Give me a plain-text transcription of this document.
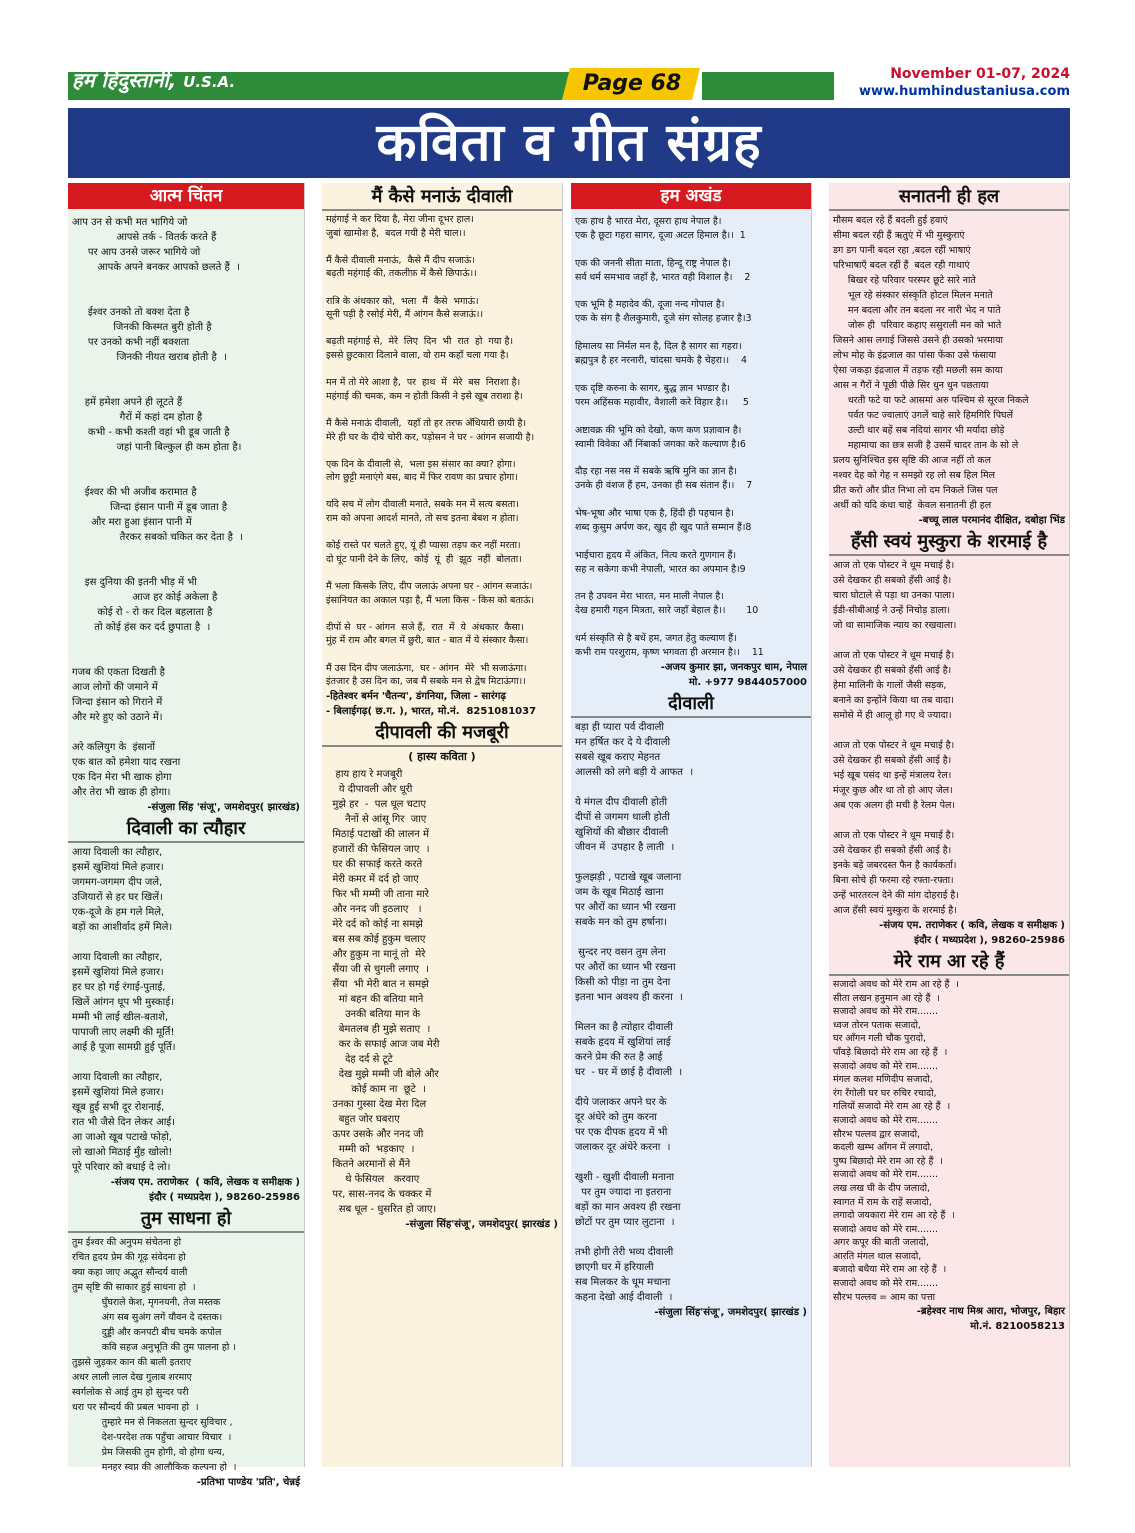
हम हिंदुस्तानी, U.S.A.	Page 68	November 01-07, 2024
www.humhindustaniusa.com
कविता व गीत संग्रह
आत्म चिंतन
आप उन से कभी मत भागिये जो
आपसे तर्क - वितर्क करते हैं
पर आप उनसे जरूर भागिये जो
आपके अपने बनकर आपको छलते हैं  ।

ईश्वर उनको तो बक्श देता है
जिनकी किस्मत बुरी होती है
पर उनको कभी नहीं बक्शता
जिनकी नीयत खराब होती है  ।

हमें हमेशा अपने ही लूटते हैं
गैरों में कहां दम होता है
कभी - कभी कश्ती वहां भी डूब जाती है
जहां पानी बिल्कुल ही कम होता है।

ईश्वर की भी अजीब करामात है
जिन्दा इंसान पानी में डूब जाता है
और मरा हुआ इंसान पानी में
तैरकर सबको चकित कर देता है  ।

इस दुनिया की इतनी भीड़ में भी
आज हर कोई अकेला है
कोई रो - रो कर दिल बहलाता है
तो कोई हंस कर दर्द छुपाता है  ।

गजब की एकता दिखती है
आज लोगों की जमाने में
जिन्दा इंसान को गिराने में
और मरे हुए को उठाने में।

अरे कलियुग के  इंसानों
एक बात को हमेशा याद रखना
एक दिन मेरा भी खाक होगा
और तेरा भी खाक ही होगा।
-संजुला सिंह 'संजू', जमशेदपुर( झारखंड)
दिवाली का त्यौहार
आया दिवाली का त्यौहार,
इसमें खुशियां मिले हजार।
जगमग-जगमग दीप जले,
उजियारों से हर घर खिलें।
एक-दूजे के हम गले मिले,
बड़ों का आशीर्वाद हमें मिले।

आया दिवाली का त्यौहार,
इसमें खुशियां मिले हजार।
हर घर हो गई रंगाई-पुताई,
खिलें आंगन धूप भी मुस्काई।
मम्मी भी लाई खील-बताशे,
पापाजी लाए लक्ष्मी की मूर्ति!
आई है पूजा सामग्री हुई पूर्ति।

आया दिवाली का त्यौहार,
इसमें खुशियां मिले हजार।
खूब हुई सभी दूर रोशनाई,
रात भी जैसे दिन लेकर आई।
आ जाओ खूब पटाखे फोड़ो,
लो खाओ मिठाई मुँह खोलो!
पूरे परिवार को बधाई दे लो।
-संजय एम. तराणेकर  ( कवि, लेखक व समीक्षक )
इंदौर ( मध्यप्रदेश ), 98260-25986
तुम साधना हो
तुम ईश्वर की अनुपम संचेतना हो
रचित हृदय प्रेम की गूढ़ संवेदना हो
क्या कहा जाए अद्भुत सौन्दर्य वाली
तुम सृष्टि की साकार हुई साधना हो  ।
घुँघराले केश, मृगनयनी, तेज मस्तक
अंग सब सुअंग लगें यौवन दे दस्तक।
दुड्डी और कनपटी बीच चमके कपोल
कवि सहज अनुभूति की तुम पालना हो ।
तुझसे जुड़कर कान की बाली इतराए
अधर लाली लाल देख गुलाब शरमाए
स्वर्गलोक से आई तुम हो सुन्दर परी
धरा पर सौन्दर्य की प्रबल भावना हो  ।
तुम्हारे मन से निकलता सुन्दर सुविचार ,
देश-परदेश तक पहुँचा आचार विचार  ।
प्रेम जिसकी तुम होगी, वो होगा धन्य,
मनहर स्वप्न की आलौकिक कल्पना हो  ।
-प्रतिभा पाण्डेय 'प्रति', चेन्नई
मैं कैसे मनाऊं दीवाली
महंगाई ने कर दिया है, मेरा जीना दूभर हाल।
जुबां खामोश है,  बदल गयी है मेरी चाल।।

मैं कैसे दीवाली मनाऊं,  कैसे मैं दीप सजाऊं।
बढ़ती महंगाई की, तकलीफ़ में कैसे छिपाऊं।।

रात्रि के अंधकार को,  भला  मैं  कैसे  भगाऊं।
सूनी पड़ी है रसोई मेरी, मैं आंगन कैसे सजाऊं।।

बढ़ती महंगाई से,  मेरे  लिए  दिन  भी  रात  हो  गया है।
इससे छुटकारा दिलाने वाला, वो राम कहाँ चला गया है।

मन में तो मेरे आशा है,  पर  हाथ  में  मेरे  बस  निराशा है।
महंगाई की चमक, कम न होती किसी ने इसे खूब तराशा है।

मैं कैसे मनाऊं दीवाली,  यहाँ तो हर तरफ अँधियारी छायी है।
मेरे ही घर के दीये चोरी कर, पड़ोसन ने घर - आंगन सजायी है।

एक दिन के दीवाली से,  भला इस संसार का क्या? होगा।
लोग छुट्टी मनाएंगे बस, बाद में फिर रावण का प्रचार होगा।

यदि सच में लोग दीवाली मनाते, सबके मन में सत्य बसता।
राम को अपना आदर्श मानते, तो सच इतना बेबश न होता।

कोई रास्ते पर चलते हुए, यूं ही प्यासा तड़प कर नहीं मरता।
दो घूंट पानी देने के लिए,  कोई  यूं  ही  झूठ  नहीं  बोलता।

मैं भला किसके लिए, दीप जलाऊं अपना घर - आंगन सजाऊं।
इंसानियत का अकाल पड़ा है, मैं भला किस - किस को बताऊं।

दीपों से  घर - आंगन  सजे हैं,  रात  में  ये  अंधकार  कैसा।
मुंह में राम और बगल में छुरी, बात - बात में ये संस्कार कैसा।

मैं उस दिन दीप जलाऊंगा,  घर - आंगन  मेरे  भी सजाऊंगा।
इंतजार है उस दिन का, जब मैं सबके मन से द्वेष मिटाऊंगा।।
-हितेश्वर बर्मन 'चैतन्य', डंगनिया, जिला - सारंगढ़
- बिलाईगढ़( छ.ग. ), भारत, मो.नं.  8251081037
दीपावली की मजबूरी
( हास्य कविता )
हाय हाय रे मजबूरी
ये दीपावली और धूरी
मुझे हर  -  पल धूल चटाए
नैनों से आंसू गिर  जाए
मिठाई पटाखों की लालन में
हजारों की फेसियल जाए  ।
घर की सफाई करते करते
मेरी कमर में दर्द हो जाए
फिर भी मम्मी जी ताना मारे
और ननद जी इठलाए   ।
मेरे दर्द को कोई ना समझे
बस सब कोई हुकुम चलाए
और हुकुम ना मानूं तो  मेरे
सैंया जी से चुगली लगाए  ।
सैंया  भी मेरी बात न समझे
मां बहन की बतिया माने
उनकी बतिया मान के
बेमतलब ही मुझे सताए  ।
कर के सफाई आज जब मेरी
देह दर्द से टूटे
देख मुझे मम्मी जी बोले और
कोई काम ना  छूटे  ।
उनका गुस्सा देख मेरा दिल
बहुत जोर घबराए
ऊपर उसके और ननद जी
मम्मी को  भड़काए  ।
कितने अरमानों से मैंने
थे फेसियल   करवाए
पर, सास-ननद के चक्कर में
सब धूल - धुसरित हो जाए।
-संजुला सिंह'संजू', जमशेदपुर( झारखंड )
हम अखंड
एक हाथ है भारत मेरा, दूसरा हाथ नेपाल है।
एक है छूटा गहरा सागर, दूजा अटल हिमाल है।।  1

एक की जननी सीता माता, हिन्दू राष्ट्र नेपाल है।
सर्व धर्म समभाव जहाँ है, भारत वही विशाल है।    2

एक भूमि है महादेव की, दूजा नन्द गोपाल है।
एक के संग है शैलकुमारी, दूजे संग सोलह हजार है।3

हिमालय सा निर्मल मन है, दिल है सागर सा गहरा।
ब्रह्मपुत्र है हर नरनारी, चांदसा चमके है चेहरा।।    4

एक दृष्टि करुना के सागर, बुद्ध ज्ञान भण्डार है।
परम अहिंसक महावीर, वैशाली करे विहार है।।     5

अष्टावक्र की भूमि को देखो, कण कण प्रज्ञावान है।
स्वामी विवेका औं निंबार्का जगका करे कल्याण है।6

दौड़ रहा नस नस में सबके ऋषि मुनि का ज्ञान है।
उनके ही वंशज हैं हम, उनका ही सब संतान हैं।।    7

भेष-भूषा और भाषा एक है, हिंदी ही पहचान है।
शब्द कुसुम अर्पण कर, खुद ही खुद पाते सम्मान हैं।8

भाईचारा हृदय में अंकित, नित्य करते गुणगान हैं।
सह न सकेगा कभी नेपाली, भारत का अपमान है।9

तन है उपवन मेरा भारत, मन माली नेपाल है।
देख हमारी गहन मित्रता, सारे जहाँ बेहाल है।।       10

धर्म संस्कृति से है बधें हम, जगत हेतु कल्याण हैं।
कभी राम परशुराम, कृष्ण भगवता ही अरमान है।।    11
-अजय कुमार झा, जनकपुर धाम, नेपाल
मो. +977 9844057000
दीवाली
बड़ा ही प्यारा पर्व दीवाली
मन हर्षित कर दे ये दीवाली
सबसे खूब कराए मेहनत
आलसी को लगे बड़ी ये आफत  ।

ये मंगल दीप दीवाली होती
दीपों से जगमग थाली होती
खुशियों की बौछार दीवाली
जीवन में  उपहार है लाती  ।

फुलझड़ी , पटाखे खूब जलाना
जम के खूब मिठाई खाना
पर औरों का ध्यान भी रखना
सबके मन को तुम हर्षाना।

सुन्दर नए वसन तुम लेना
पर औरों का ध्यान भी रखना
किसी को पीड़ा ना तुम देना
इतना भान अवश्य ही करना  ।

मिलन का है त्योहार दीवाली
सबके हृदय में खुशियां लाई
करने प्रेम की रुत है आई
घर  - घर में छाई है दीवाली  ।

दीये जलाकर अपने घर के
दूर अंधेरे को तुम करना
पर एक दीपक हृदय में भी
जलाकर दूर अंधेरे करना  ।

खुशी - खुशी दीवाली मनाना
पर तुम ज्यादा ना इतराना
बड़ों का मान अवश्य ही रखना
छोटों पर तुम प्यार लुटाना  ।

तभी होगी तेरी भव्य दीवाली
छाएगी घर में हरियाली
सब मिलकर के धूम मचाना
कहना देखो आई दीवाली  ।
-संजुला सिंह'संजू', जमशेदपुर( झारखंड )
सनातनी ही हल
मौसम बदल रहे हैं बदली हुई हवाएं
सीमा बदल रही हैं ऋतुएं में भी मुस्कुराएं
डग डग पानी बदल रहा ,बदल रहीं भाषाएं
परिभाषाएँ बदल रहीं हैं  बदल रही गाथाएं
बिखर रहे परिवार परस्पर छूटे सारे नाते
भूल रहे संस्कार संस्कृति होटल मिलन मनाते
मन बदला और तन बदला नर नारी भेद न पाते
जोरू ही  परिवार कहाए ससुराली मन को भाते
जिसने आस लगाई जिससे उसने ही उसको भरमाया
लोभ मोह के इंद्रजाल का पांसा फेंका उसे फंसाया
ऐसा जकड़ा इंद्रजाल में तड़फ रही मछली सम काया
आस न गैरों ने पूछी पीछे सिर धुन धुन पछताया
धरती फटे या फटे आसमां अरु पश्चिम से सूरज निकले
पर्वत फट ज्वालाएं उगलें चाहे सारे हिमगिरि पिघलें
उल्टी धार बहें सब नदियां सागर भी मर्यादा छोड़े
महामाया का छत्र सजी है उसमें चादर तान के सो ले
प्रलय सुनिश्चित इस सृष्टि की आज नहीं तो कल
नश्वर देह को गेह न समझो रह लो सब हिल मिल
प्रीत करो और प्रीत निभा लो दम निकले जिस पल
अर्थी को यदि कंधा चाहें  केवल सनातनी ही हल
-बच्चू लाल परमानंद दीक्षित, दबोहा भिंड
हँसी स्वयं मुस्कुरा के शरमाई है
आज तो एक पोस्टर ने धूम मचाई है।
उसे देखकर ही सबको हँसी आई है।
चारा घोटाले से पड़ा था उनका पाला।
ईडी-सीबीआई ने उन्हें निचोड़ डाला।
जो था सामाजिक न्याय का रखवाला।

आज तो एक पोस्टर ने धूम मचाई है।
उसे देखकर ही सबको हँसी आई है।
हेमा मालिनी के गालों जैसी सड़क,
बनाने का इन्होंने किया था तब वादा।
समोसे में ही आलू हो गए थे ज्यादा।

आज तो एक पोस्टर ने धूम मचाई है।
उसे देखकर ही सबको हँसी आई है।
भई खूब पसंद था इन्हें मंत्रालय रेल।
मंजूर कुछ और था तो हो आए जेल।
अब एक अलग ही मची है रेलम पेल।

आज तो एक पोस्टर ने धूम मचाई है।
उसे देखकर ही सबको हँसी आई है।
इनके बड़े जबरदस्त फैन है कार्यकर्ता।
बिना सोचे ही फरमा रहे रफ्ता-रफ्ता।
उन्हें भारतरत्न देने की मांग दोहराई है।
आज हँसी स्वयं मुस्कुरा के शरमाई है।
-संजय एम. तराणेकर ( कवि, लेखक व समीक्षक )
इंदौर ( मध्यप्रदेश ), 98260-25986
मेरे राम आ रहे हैं
सजादो अवध को मेरे राम आ रहे हैं  ।
सीता लखन हनुमान आ रहे हैं  ।
सजादो अवध को मेरे राम.......
ध्वज तोरन पताक सजादो,
घर आँगन गली चौक पुरादो,
पाँवड़े बिछादो मेरे राम आ रहे हैं  ।
सजादो अवध को मेरे राम.......
मंगल कलश मणिदीप सजादो,
रंग रँगोली घर घर रुचिर रचादो,
गलियों सजादो मेरे राम आ रहे हैं  ।
सजादो अवध को मेरे राम.......
सौरभ पल्लव द्वार सजादो,
कदली खम्भ आँगन में लगादो,
पुष्प बिछादो मेरे राम आ रहे हैं  ।
सजादो अवध को मेरे राम.......
लख लख घी के दीप जलादो,
स्वागत में राम के राहें सजादो,
लगादो जयकारा मेरे राम आ रहे हैं  ।
सजादो अवध को मेरे राम.......
अगर कपूर की बाती जलादो,
आरति मंगल थाल सजादो,
बजादो बधैया मेरे राम आ रहे हैं  ।
सजादो अवध को मेरे राम.......
सौरभ पल्लव = आम का पत्ता
-ब्रहेश्वर नाथ मिश्र आरा, भोजपुर, बिहार
मो.नं. 8210058213
